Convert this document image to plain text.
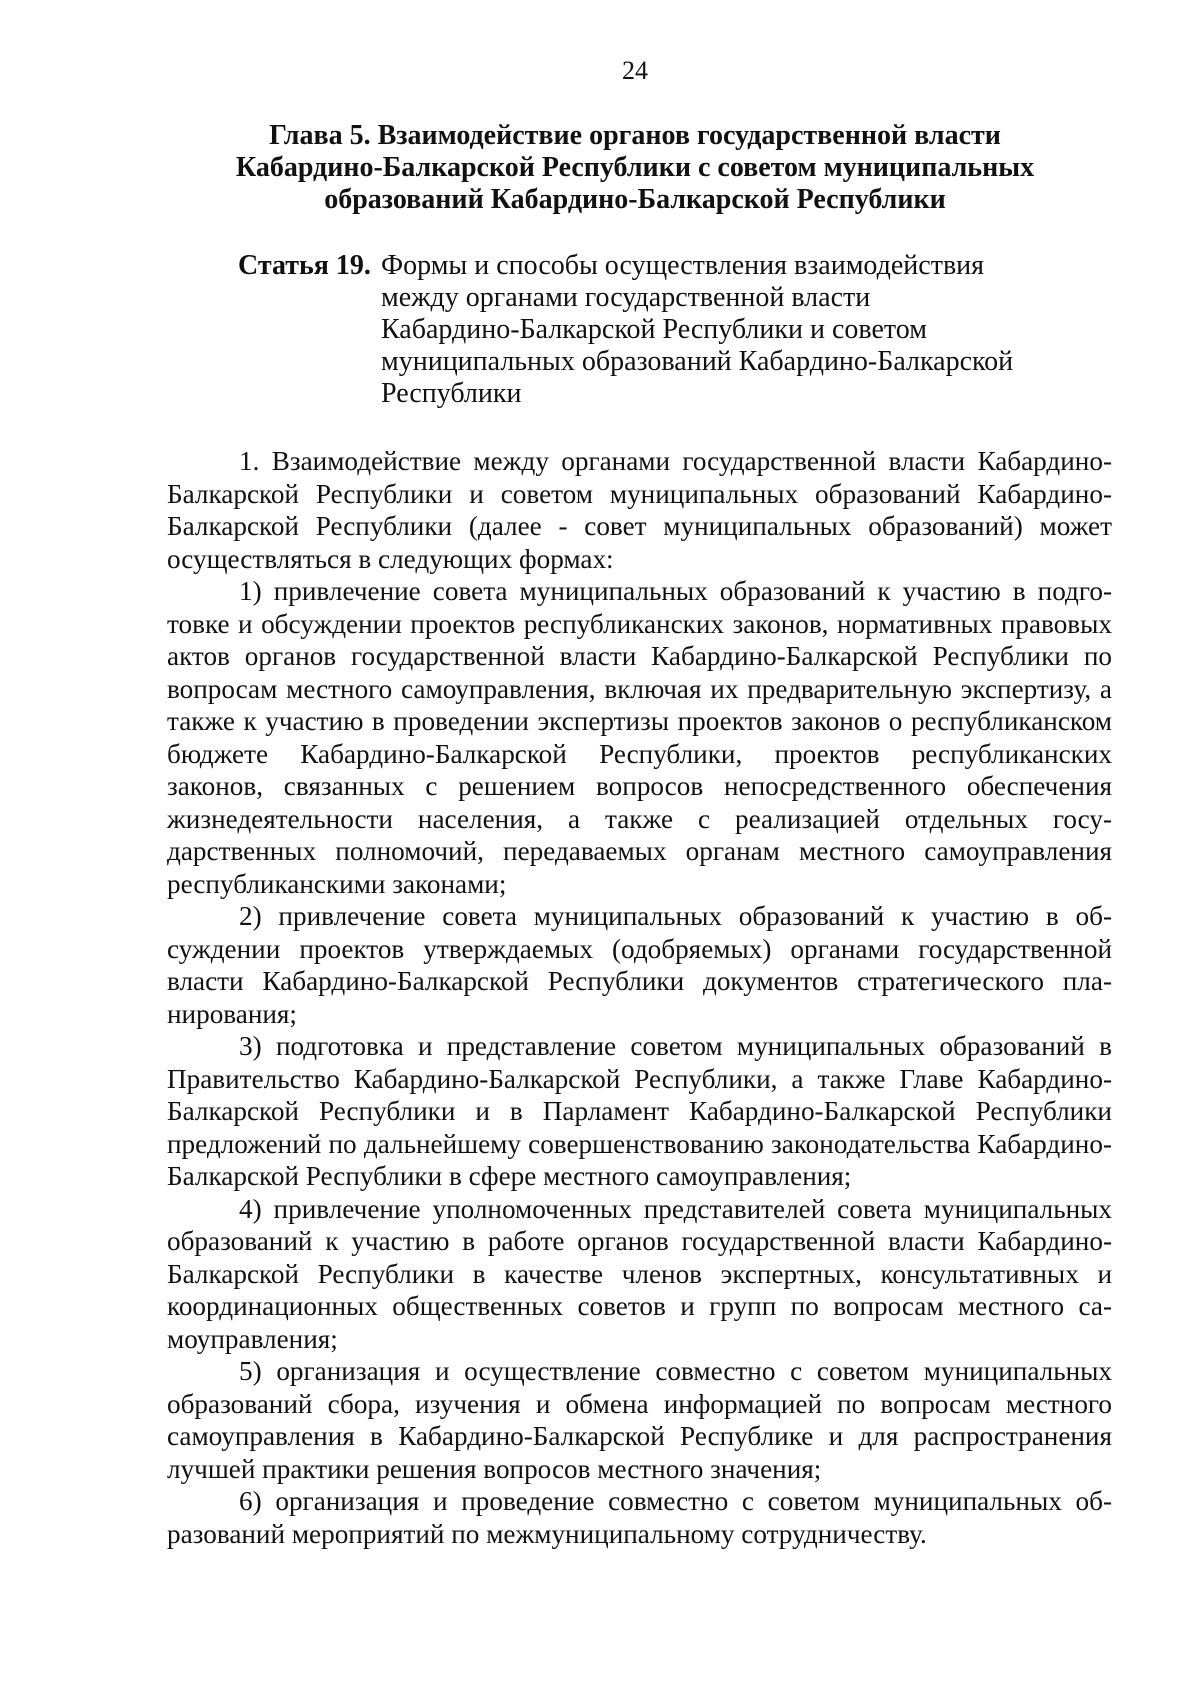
24
Глава 5. Взаимодействие органов государственной власти
Кабардино-Балкарской Республики с советом муниципальных
образований Кабардино-Балкарской Республики
Статья 19. Формы и способы осуществления взаимодействия
между органами государственной власти
Кабардино-Балкарской Республики и советом
муниципальных образований Кабардино-Балкарской
Республики

1. Взаимодействие между органами государственной власти Кабардино-Балкарской Республики и советом муниципальных образований Кабардино-Балкарской Республики (далее - совет муниципальных образований) может осуществляться в следующих формах:

1) привлечение совета муниципальных образований к участию в подготовке и обсуждении проектов республиканских законов, нормативных правовых актов органов государственной власти Кабардино-Балкарской Республики по вопросам местного самоуправления, включая их предварительную экспертизу, а также к участию в проведении экспертизы проектов законов о республиканском бюджете Кабардино-Балкарской Республики, проектов республиканских законов, связанных с решением вопросов непосредственного обеспечения жизнедеятельности населения, а также с реализацией отдельных государственных полномочий, передаваемых органам местного самоуправления республиканскими законами;

2) привлечение совета муниципальных образований к участию в обсуждении проектов утверждаемых (одобряемых) органами государственной власти Кабардино-Балкарской Республики документов стратегического планирования;

3) подготовка и представление советом муниципальных образований в Правительство Кабардино-Балкарской Республики, а также Главе Кабардино-Балкарской Республики и в Парламент Кабардино-Балкарской Республики предложений по дальнейшему совершенствованию законодательства Кабардино-Балкарской Республики в сфере местного самоуправления;

4) привлечение уполномоченных представителей совета муниципальных образований к участию в работе органов государственной власти Кабардино-Балкарской Республики в качестве членов экспертных, консультативных и координационных общественных советов и групп по вопросам местного самоуправления;

5) организация и осуществление совместно с советом муниципальных образований сбора, изучения и обмена информацией по вопросам местного самоуправления в Кабардино-Балкарской Республике и для распространения лучшей практики решения вопросов местного значения;

6) организация и проведение совместно с советом муниципальных образований мероприятий по межмуниципальному сотрудничеству.
